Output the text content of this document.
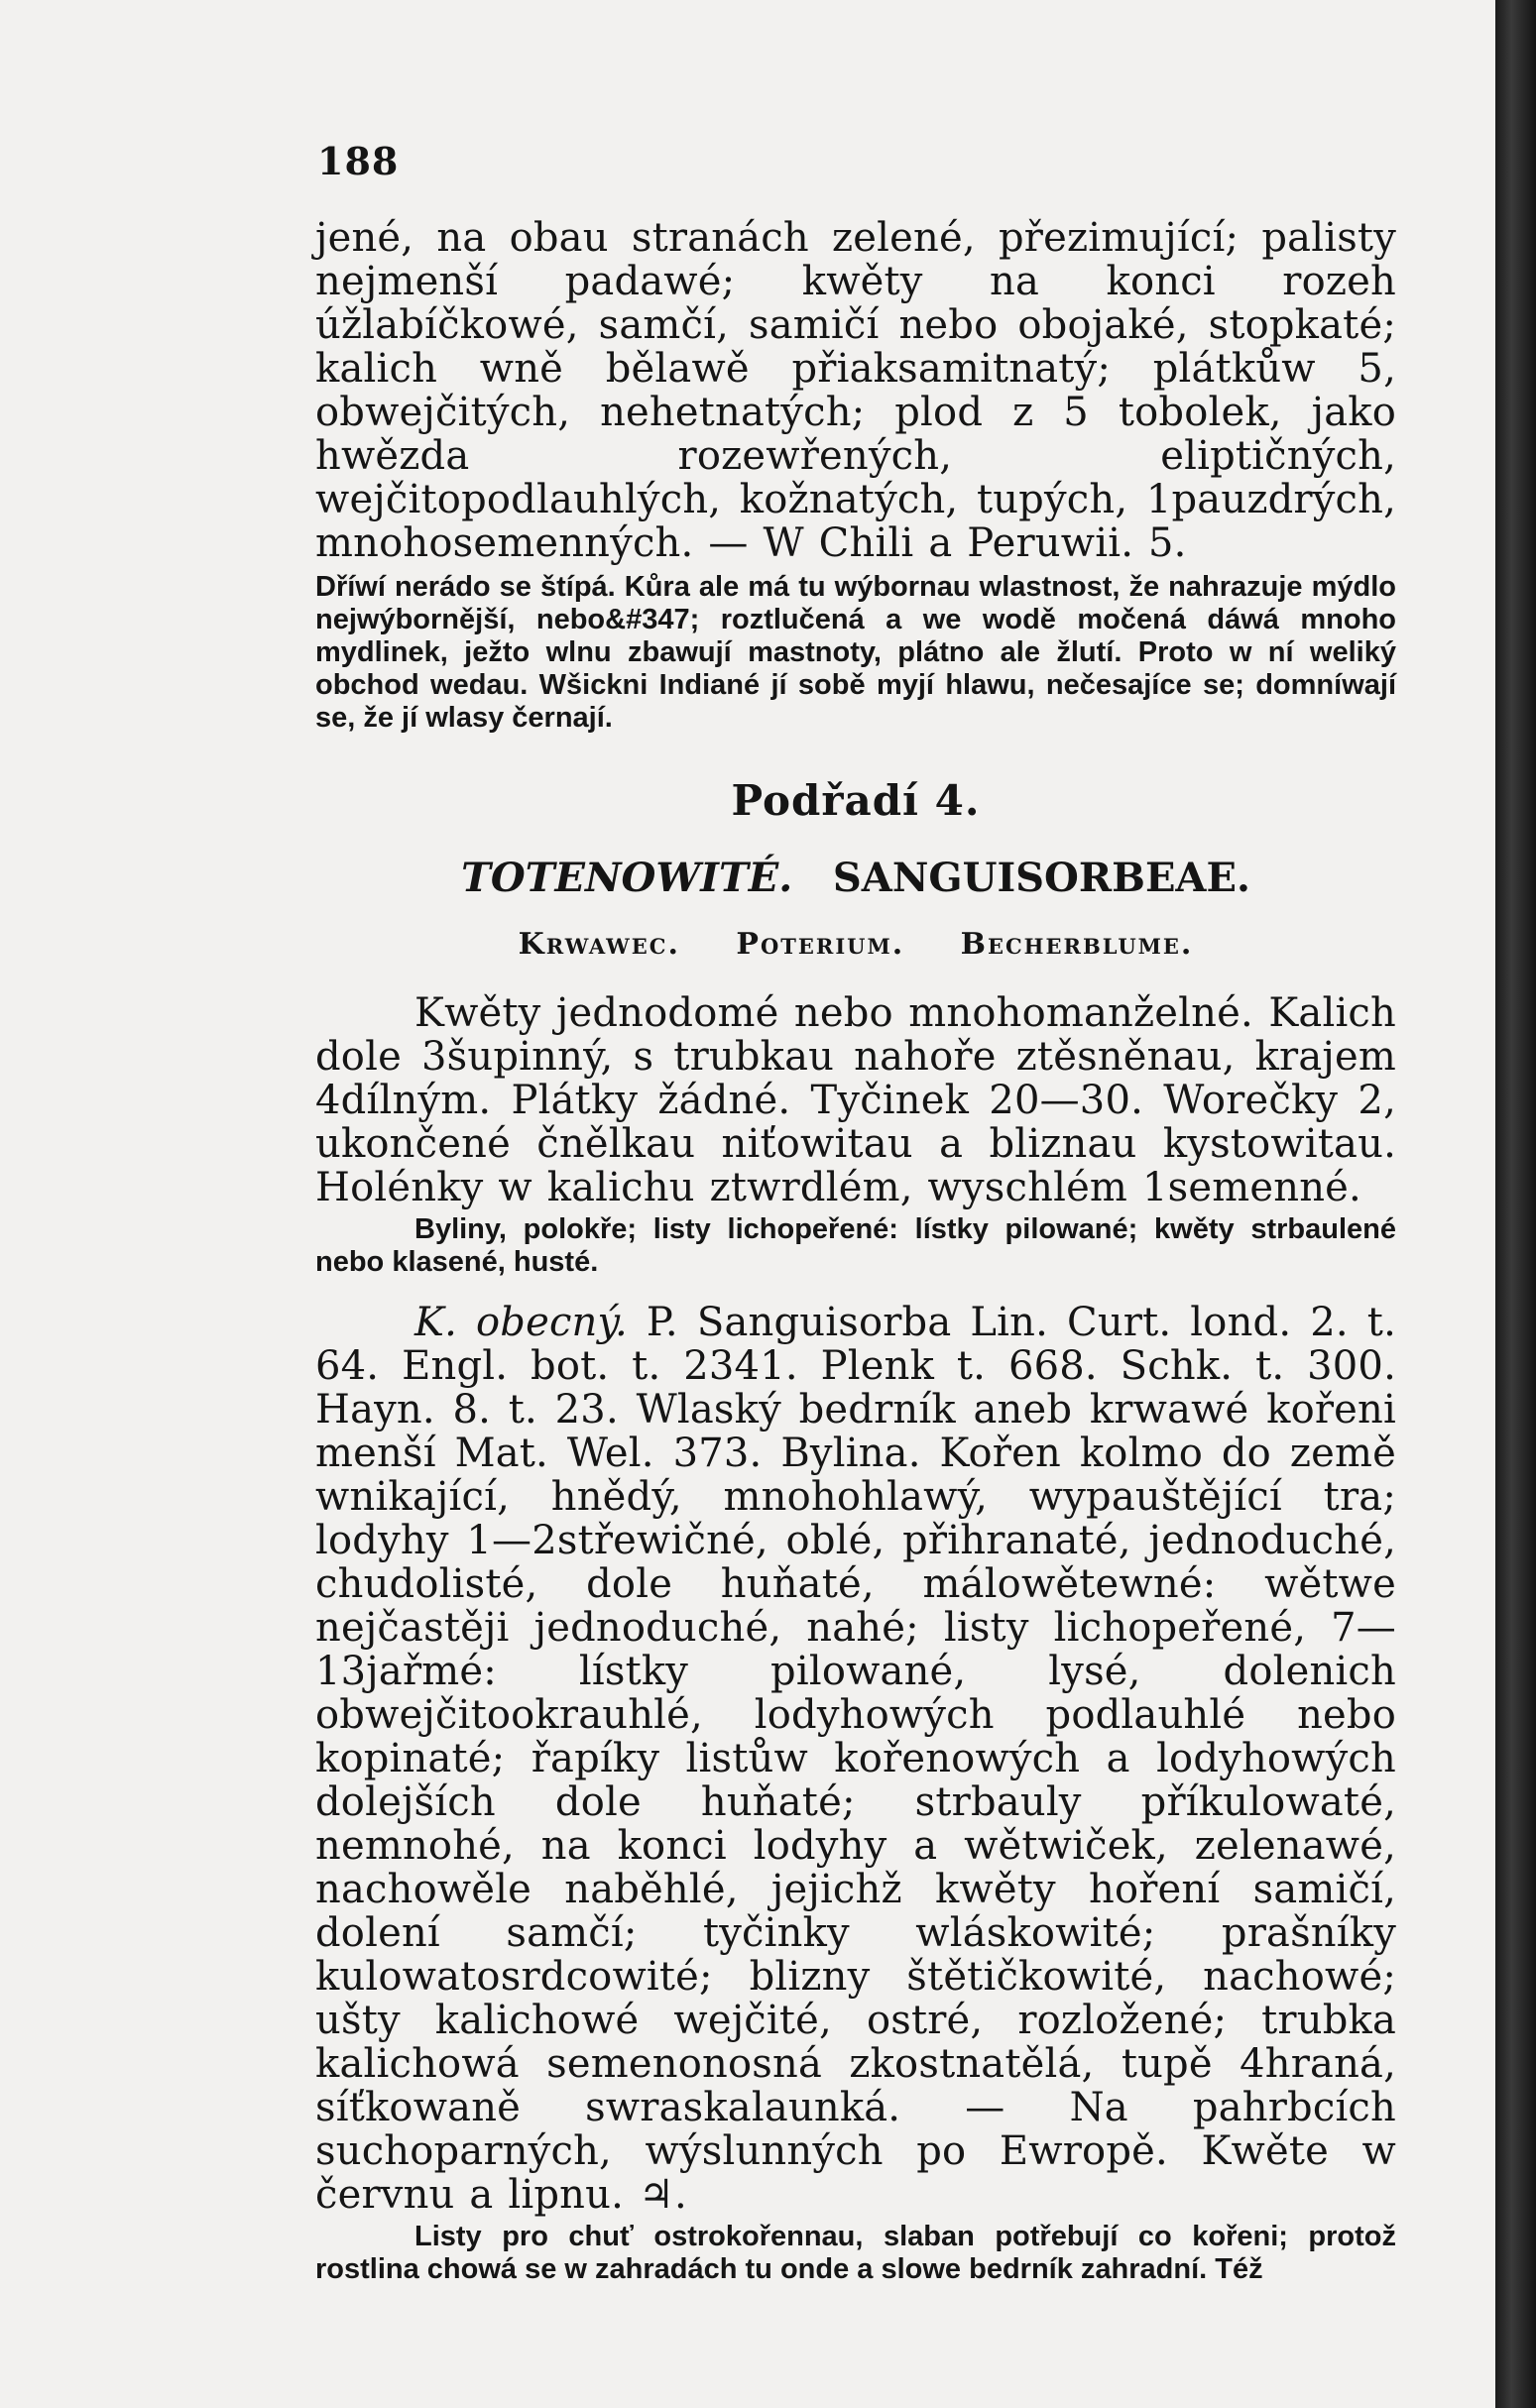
188

jené, na obau stranách zelené, přezimující; palisty nejmenší padawé; kwěty na konci rozeh úžlabíčkowé, samčí, samičí nebo obojaké, stopkaté; kalich wně bělawě přiaksamitnatý; plátkůw 5, obwejčitých, nehetnatých; plod z 5 tobolek, jako hwězda rozewřených, eliptičných, wejčitopodlauhlých, kožnatých, tupých, 1pauzdrých, mnohosemenných. — W Chili a Peruwii. 5.

Dříwí nerádo se štípá. Kůra ale má tu wýbornau wlastnost, že nahrazuje mýdlo nejwýbornější, nebo&#347; roztlučená a we wodě močená dáwá mnoho mydlinek, ježto wlnu zbawují mastnoty, plátno ale žlutí. Proto w ní weliký obchod wedau. Wšickni Indiané jí sobě myjí hlawu, nečesajíce se; domníwají se, že jí wlasy černají.

Podřadí 4.
TOTENOWITÉ. SANGUISORBEAE.
Krwawec. Poterium. Becherblume.

Kwěty jednodomé nebo mnohomanželné. Kalich dole 3šupinný, s trubkau nahoře ztěsněnau, krajem 4dílným. Plátky žádné. Tyčinek 20—30. Worečky 2, ukončené čnělkau niťowitau a bliznau kystowitau. Holénky w kalichu ztwrdlém, wyschlém 1semenné.

Byliny, polokře; listy lichopeřené: lístky pilowané; kwěty strbaulené nebo klasené, husté.

K. obecný. P. Sanguisorba Lin. Curt. lond. 2. t. 64. Engl. bot. t. 2341. Plenk t. 668. Schk. t. 300. Hayn. 8. t. 23. Wlaský bedrník aneb krwawé kořeni menší Mat. Wel. 373. Bylina. Kořen kolmo do země wnikající, hnědý, mnohohlawý, wypauštějící tra; lodyhy 1—2střewičné, oblé, přihranaté, jednoduché, chudolisté, dole huňaté, málowětewné: wětwe nejčastěji jednoduché, nahé; listy lichopeřené, 7—13jařmé: lístky pilowané, lysé, dolenich obwejčitookrauhlé, lodyhowých podlauhlé nebo kopinaté; řapíky listůw kořenowých a lodyhowých dolejších dole huňaté; strbauly příkulowaté, nemnohé, na konci lodyhy a wětwiček, zelenawé, nachowěle naběhlé, jejichž kwěty hoření samičí, dolení samčí; tyčinky wláskowité; prašníky kulowatosrdcowité; blizny štětičkowité, nachowé; ušty kalichowé wejčité, ostré, rozložené; trubka kalichowá semenonosná zkostnatělá, tupě 4hraná, síťkowaně swraskalaunká. — Na pahrbcích suchoparných, wýslunných po Ewropě. Kwěte w červnu a lipnu. ♃.

Listy pro chuť ostrokořennau, slaban potřebují co kořeni; protož rostlina chowá se w zahradách tu onde a slowe bedrník zahradní. Též
